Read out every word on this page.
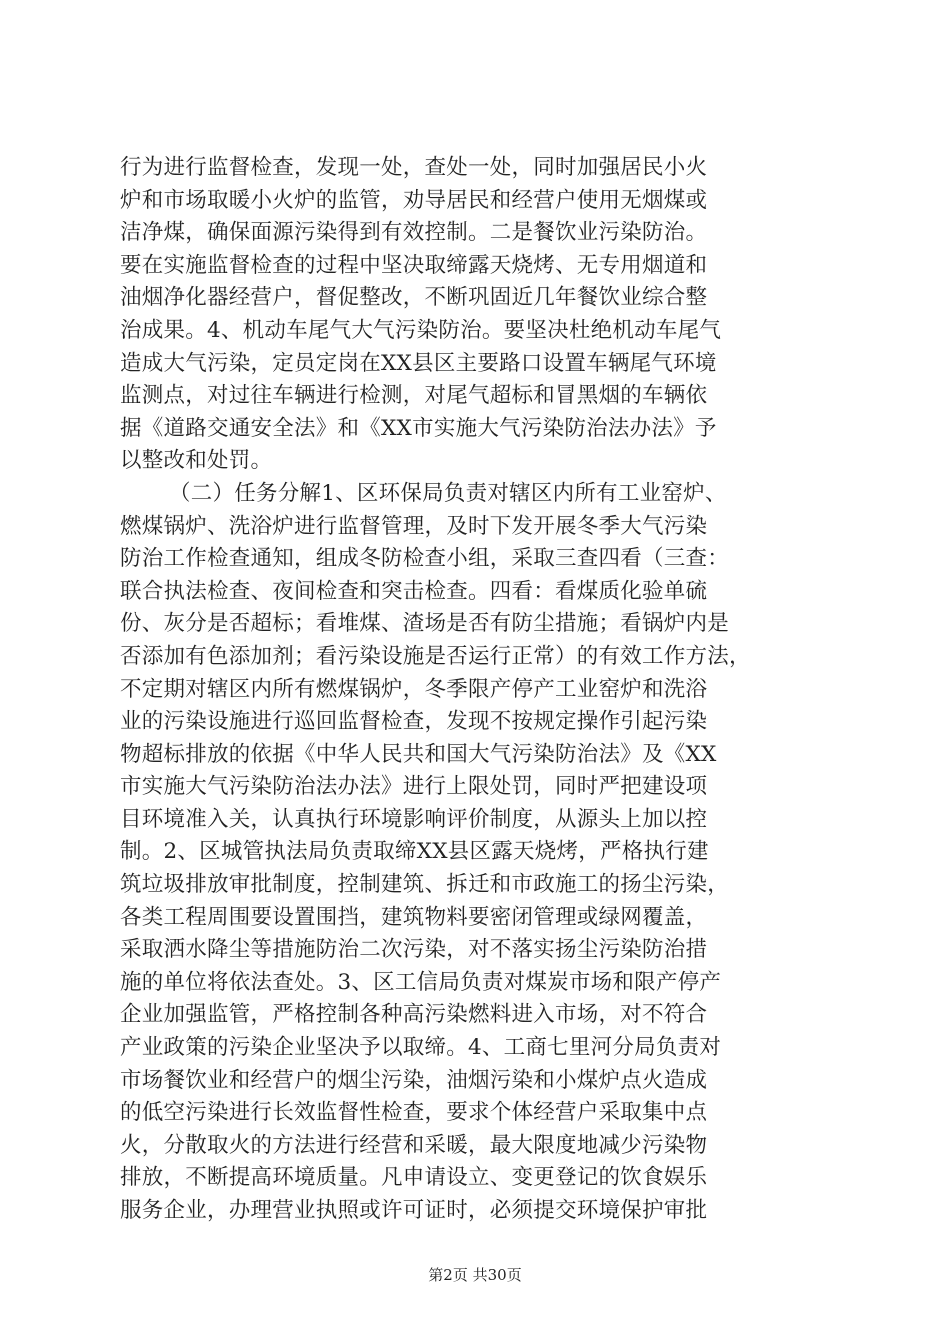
行为进行监督检查，发现一处，查处一处，同时加强居民小火
炉和市场取暖小火炉的监管，劝导居民和经营户使用无烟煤或
洁净煤，确保面源污染得到有效控制。二是餐饮业污染防治。
要在实施监督检查的过程中坚决取缔露天烧烤、无专用烟道和
油烟净化器经营户，督促整改，不断巩固近几年餐饮业综合整
治成果。4、机动车尾气大气污染防治。要坚决杜绝机动车尾气
造成大气污染，定员定岗在XX县区主要路口设置车辆尾气环境
监测点，对过往车辆进行检测，对尾气超标和冒黑烟的车辆依
据《道路交通安全法》和《XX市实施大气污染防治法办法》予
以整改和处罚。
（二）任务分解1、区环保局负责对辖区内所有工业窑炉、
燃煤锅炉、洗浴炉进行监督管理，及时下发开展冬季大气污染
防治工作检查通知，组成冬防检查小组，采取三查四看（三查：
联合执法检查、夜间检查和突击检查。四看：看煤质化验单硫
份、灰分是否超标；看堆煤、渣场是否有防尘措施；看锅炉内是
否添加有色添加剂；看污染设施是否运行正常）的有效工作方法，
不定期对辖区内所有燃煤锅炉，冬季限产停产工业窑炉和洗浴
业的污染设施进行巡回监督检查，发现不按规定操作引起污染
物超标排放的依据《中华人民共和国大气污染防治法》及《XX
市实施大气污染防治法办法》进行上限处罚，同时严把建设项
目环境准入关，认真执行环境影响评价制度，从源头上加以控
制。2、区城管执法局负责取缔XX县区露天烧烤，严格执行建
筑垃圾排放审批制度，控制建筑、拆迁和市政施工的扬尘污染，
各类工程周围要设置围挡，建筑物料要密闭管理或绿网覆盖，
采取洒水降尘等措施防治二次污染，对不落实扬尘污染防治措
施的单位将依法查处。3、区工信局负责对煤炭市场和限产停产
企业加强监管，严格控制各种高污染燃料进入市场，对不符合
产业政策的污染企业坚决予以取缔。4、工商七里河分局负责对
市场餐饮业和经营户的烟尘污染，油烟污染和小煤炉点火造成
的低空污染进行长效监督性检查，要求个体经营户采取集中点
火，分散取火的方法进行经营和采暖，最大限度地减少污染物
排放，不断提高环境质量。凡申请设立、变更登记的饮食娱乐
服务企业，办理营业执照或许可证时，必须提交环境保护审批
第2页 共30页
